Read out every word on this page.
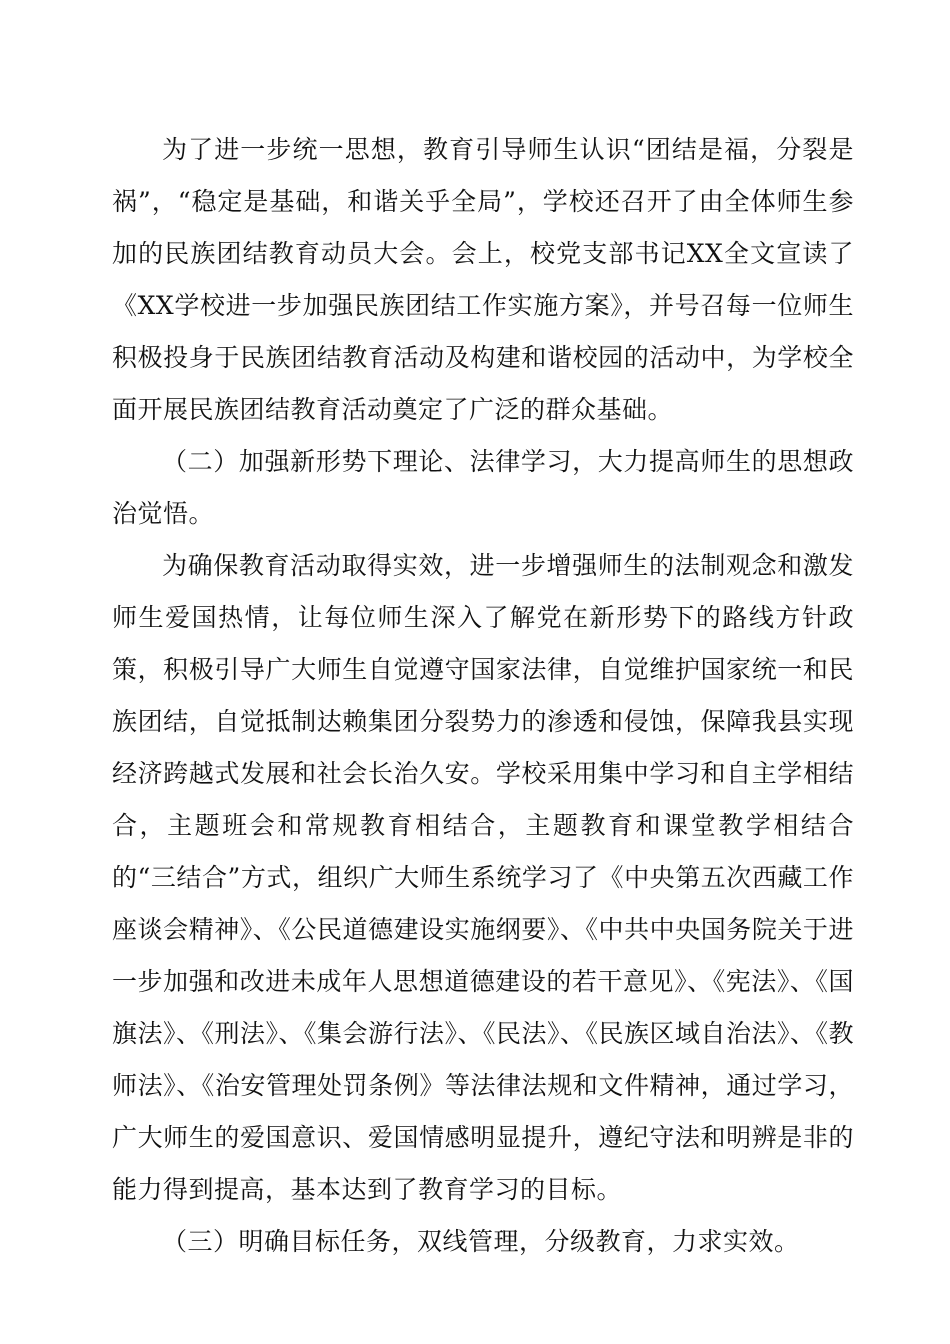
为了进一步统一思想，教育引导师生认识“团结是福，分裂是祸”，“稳定是基础，和谐关乎全局”，学校还召开了由全体师生参加的民族团结教育动员大会。会上，校党支部书记XX全文宣读了《XX学校进一步加强民族团结工作实施方案》，并号召每一位师生积极投身于民族团结教育活动及构建和谐校园的活动中，为学校全面开展民族团结教育活动奠定了广泛的群众基础。

（二）加强新形势下理论、法律学习，大力提高师生的思想政治觉悟。

为确保教育活动取得实效，进一步增强师生的法制观念和激发师生爱国热情，让每位师生深入了解党在新形势下的路线方针政策，积极引导广大师生自觉遵守国家法律，自觉维护国家统一和民族团结，自觉抵制达赖集团分裂势力的渗透和侵蚀，保障我县实现经济跨越式发展和社会长治久安。学校采用集中学习和自主学相结合，主题班会和常规教育相结合，主题教育和课堂教学相结合的“三结合”方式，组织广大师生系统学习了《中央第五次西藏工作座谈会精神》、《公民道德建设实施纲要》、《中共中央国务院关于进一步加强和改进未成年人思想道德建设的若干意见》、《宪法》、《国旗法》、《刑法》、《集会游行法》、《民法》、《民族区域自治法》、《教师法》、《治安管理处罚条例》等法律法规和文件精神，通过学习，广大师生的爱国意识、爱国情感明显提升，遵纪守法和明辨是非的能力得到提高，基本达到了教育学习的目标。

（三）明确目标任务，双线管理，分级教育，力求实效。
